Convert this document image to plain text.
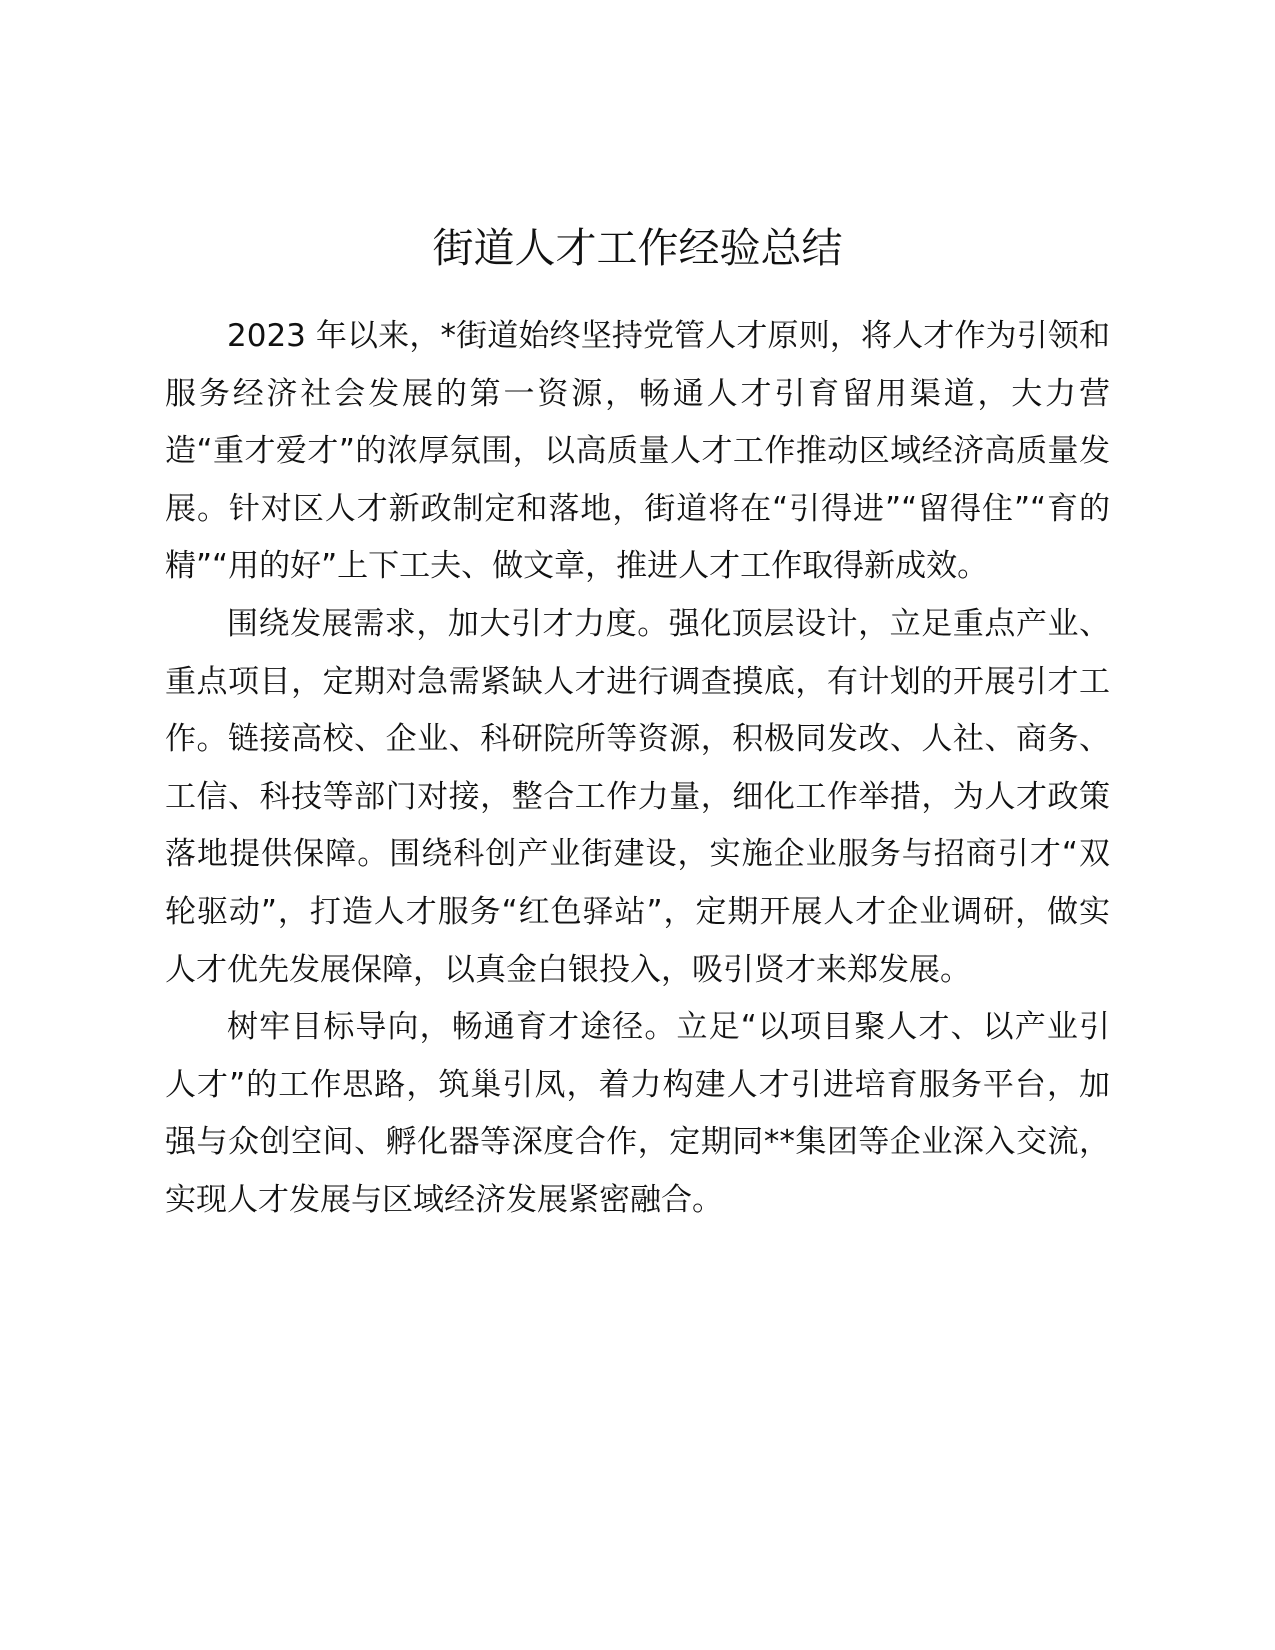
街道人才工作经验总结

2023 年以来，*街道始终坚持党管人才原则，将人才作为引领和服务经济社会发展的第一资源，畅通人才引育留用渠道，大力营造“重才爱才”的浓厚氛围，以高质量人才工作推动区域经济高质量发展。针对区人才新政制定和落地，街道将在“引得进”“留得住”“育的精”“用的好”上下工夫、做文章，推进人才工作取得新成效。

围绕发展需求，加大引才力度。强化顶层设计，立足重点产业、重点项目，定期对急需紧缺人才进行调查摸底，有计划的开展引才工作。链接高校、企业、科研院所等资源，积极同发改、人社、商务、工信、科技等部门对接，整合工作力量，细化工作举措，为人才政策落地提供保障。围绕科创产业街建设，实施企业服务与招商引才“双轮驱动”，打造人才服务“红色驿站”，定期开展人才企业调研，做实人才优先发展保障，以真金白银投入，吸引贤才来郑发展。

树牢目标导向，畅通育才途径。立足“以项目聚人才、以产业引人才”的工作思路，筑巢引凤，着力构建人才引进培育服务平台，加强与众创空间、孵化器等深度合作，定期同**集团等企业深入交流，实现人才发展与区域经济发展紧密融合。
